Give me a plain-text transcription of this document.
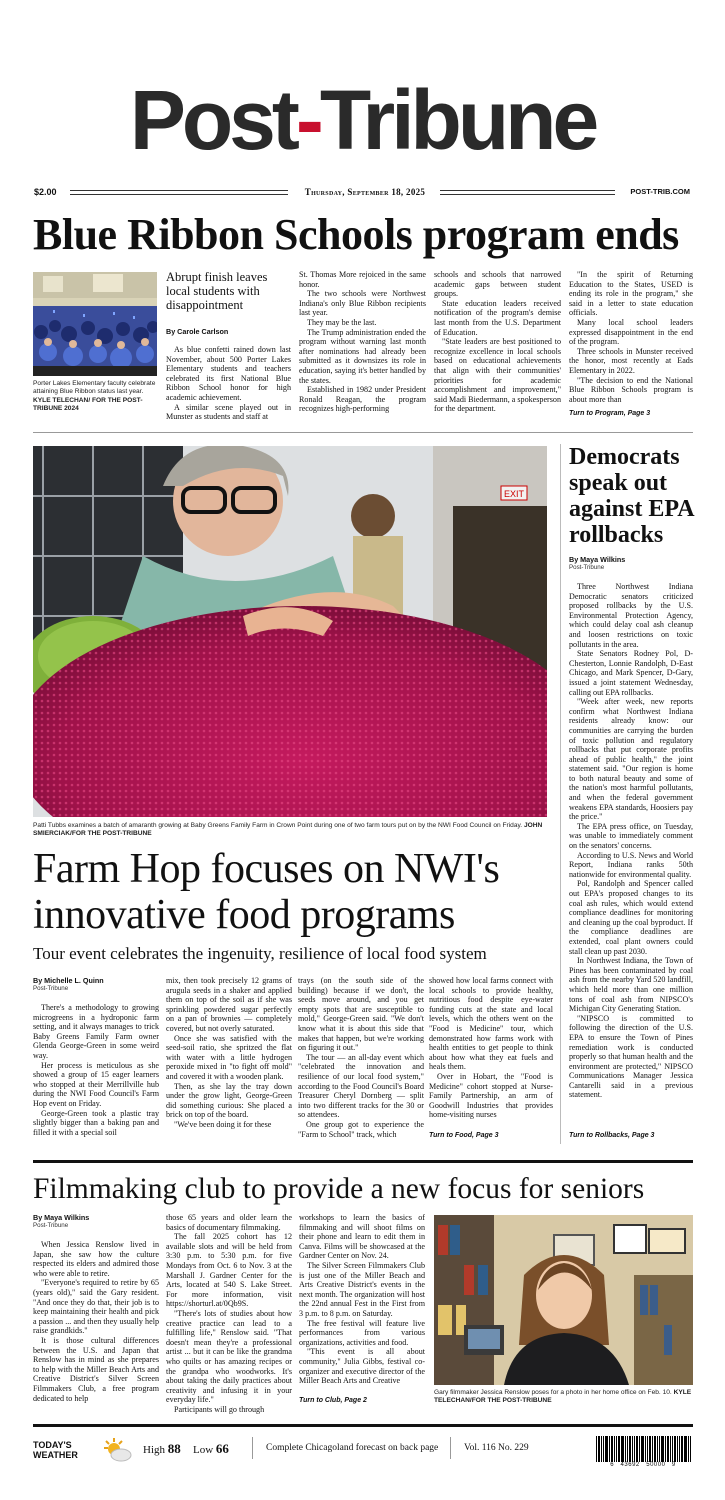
Post-Tribune
$2.00	Thursday, September 18, 2025	POST-TRIB.COM
Blue Ribbon Schools program ends
Porter Lakes Elementary faculty celebrate attaining Blue Ribbon status last year. KYLE TELECHAN/ FOR THE POST-TRIBUNE 2024
Abrupt finish leaves local students with disappointment
By Carole Carlson

As blue confetti rained down last November, about 500 Porter Lakes Elementary students and teachers celebrated its first National Blue Ribbon School honor for high academic achievement.

A similar scene played out in Munster as students and staff at

St. Thomas More rejoiced in the same honor.

The two schools were Northwest Indiana's only Blue Ribbon recipients last year.

They may be the last.

The Trump administration ended the program without warning last month after nominations had already been submitted as it downsizes its role in education, saying it's better handled by the states.

Established in 1982 under President Ronald Reagan, the program recognizes high-performing

schools and schools that narrowed academic gaps between student groups.

State education leaders received notification of the program's demise last month from the U.S. Department of Education.

"State leaders are best positioned to recognize excellence in local schools based on educational achievements that align with their communities' priorities for academic accomplishment and improvement," said Madi Biedermann, a spokesperson for the department.

"In the spirit of Returning Education to the States, USED is ending its role in the program," she said in a letter to state education officials.

Many local school leaders expressed disappointment in the end of the program.

Three schools in Munster received the honor, most recently at Eads Elementary in 2022.

"The decision to end the National Blue Ribbon Schools program is about more than

Turn to Program, Page 3
EXIT
Patti Tubbs examines a batch of amaranth growing at Baby Greens Family Farm in Crown Point during one of two farm tours put on by the NWI Food Council on Friday. JOHN SMIERCIAK/FOR THE POST-TRIBUNE
Farm Hop focuses on NWI's innovative food programs
Tour event celebrates the ingenuity, resilience of local food system
By Michelle L. Quinn
Post-Tribune

There's a methodology to growing microgreens in a hydroponic farm setting, and it always manages to trick Baby Greens Family Farm owner Glenda George-Green in some weird way.

Her process is meticulous as she showed a group of 15 eager learners who stopped at their Merrillville hub during the NWI Food Council's Farm Hop event on Friday.

George-Green took a plastic tray slightly bigger than a baking pan and filled it with a special soil

mix, then took precisely 12 grams of arugula seeds in a shaker and applied them on top of the soil as if she was sprinkling powdered sugar perfectly on a pan of brownies — completely covered, but not overly saturated.

Once she was satisfied with the seed-soil ratio, she spritzed the flat with water with a little hydrogen peroxide mixed in "to fight off mold" and covered it with a wooden plank.

Then, as she lay the tray down under the grow light, George-Green did something curious: She placed a brick on top of the board.

"We've been doing it for these

trays (on the south side of the building) because if we don't, the seeds move around, and you get empty spots that are susceptible to mold," George-Green said. "We don't know what it is about this side that makes that happen, but we're working on figuring it out."

The tour — an all-day event which "celebrated the innovation and resilience of our local food system," according to the Food Council's Board Treasurer Cheryl Dornberg — split into two different tracks for the 30 or so attendees.

One group got to experience the "Farm to School" track, which

showed how local farms connect with local schools to provide healthy, nutritious food despite eye-water funding cuts at the state and local levels, which the others went on the "Food is Medicine" tour, which demonstrated how farms work with health entities to get people to think about how what they eat fuels and heals them.

Over in Hobart, the "Food is Medicine" cohort stopped at Nurse-Family Partnership, an arm of Goodwill Industries that provides home-visiting nurses

Turn to Food, Page 3
Democrats speak out against EPA rollbacks
By Maya Wilkins
Post-Tribune

Three Northwest Indiana Democratic senators criticized proposed rollbacks by the U.S. Environmental Protection Agency, which could delay coal ash cleanup and loosen restrictions on toxic pollutants in the area.

State Senators Rodney Pol, D-Chesterton, Lonnie Randolph, D-East Chicago, and Mark Spencer, D-Gary, issued a joint statement Wednesday, calling out EPA rollbacks.

"Week after week, new reports confirm what Northwest Indiana residents already know: our communities are carrying the burden of toxic pollution and regulatory rollbacks that put corporate profits ahead of public health," the joint statement said. "Our region is home to both natural beauty and some of the nation's most harmful pollutants, and when the federal government weakens EPA standards, Hoosiers pay the price."

The EPA press office, on Tuesday, was unable to immediately comment on the senators' concerns.

According to U.S. News and World Report, Indiana ranks 50th nationwide for environmental quality.

Pol, Randolph and Spencer called out EPA's proposed changes to its coal ash rules, which would extend compliance deadlines for monitoring and cleaning up the coal byproduct. If the compliance deadlines are extended, coal plant owners could stall clean up past 2030.

In Northwest Indiana, the Town of Pines has been contaminated by coal ash from the nearby Yard 520 landfill, which held more than one million tons of coal ash from NIPSCO's Michigan City Generating Station.

"NIPSCO is committed to following the direction of the U.S. EPA to ensure the Town of Pines remediation work is conducted properly so that human health and the environment are protected," NIPSCO Communications Manager Jessica Cantarelli said in a previous statement.

Turn to Rollbacks, Page 3
Filmmaking club to provide a new focus for seniors
By Maya Wilkins
Post-Tribune

When Jessica Renslow lived in Japan, she saw how the culture respected its elders and admired those who were able to retire.

"Everyone's required to retire by 65 (years old)," said the Gary resident. "And once they do that, their job is to keep maintaining their health and pick a passion ... and then they usually help raise grandkids."

It is those cultural differences between the U.S. and Japan that Renslow has in mind as she prepares to help with the Miller Beach Arts and Creative District's Silver Screen Filmmakers Club, a free program dedicated to help

those 65 years and older learn the basics of documentary filmmaking.

The fall 2025 cohort has 12 available slots and will be held from 3:30 p.m. to 5:30 p.m. for five Mondays from Oct. 6 to Nov. 3 at the Marshall J. Gardner Center for the Arts, located at 540 S. Lake Street. For more information, visit https://shorturl.at/0Qb9S.

"There's lots of studies about how creative practice can lead to a fulfilling life," Renslow said. "That doesn't mean they're a professional artist ... but it can be like the grandma who quilts or has amazing recipes or the grandpa who woodworks. It's about taking the daily practices about creativity and infusing it in your everyday life."

Participants will go through

workshops to learn the basics of filmmaking and will shoot films on their phone and learn to edit them in Canva. Films will be showcased at the Gardner Center on Nov. 24.

The Silver Screen Filmmakers Club is just one of the Miller Beach and Arts Creative District's events in the next month. The organization will host the 22nd annual Fest in the First from 3 p.m. to 8 p.m. on Saturday.

The free festival will feature live performances from various organizations, activities and food.

"This event is all about community," Julia Gibbs, festival co-organizer and executive director of the Miller Beach Arts and Creative

Turn to Club, Page 2
Gary filmmaker Jessica Renslow poses for a photo in her home office on Feb. 10. KYLE TELECHAN/FOR THE POST-TRIBUNE
TODAY'S
WEATHER	High 88 Low 66	Complete Chicagoland forecast on back page	Vol. 116 No. 229
6   43692   50000   9
